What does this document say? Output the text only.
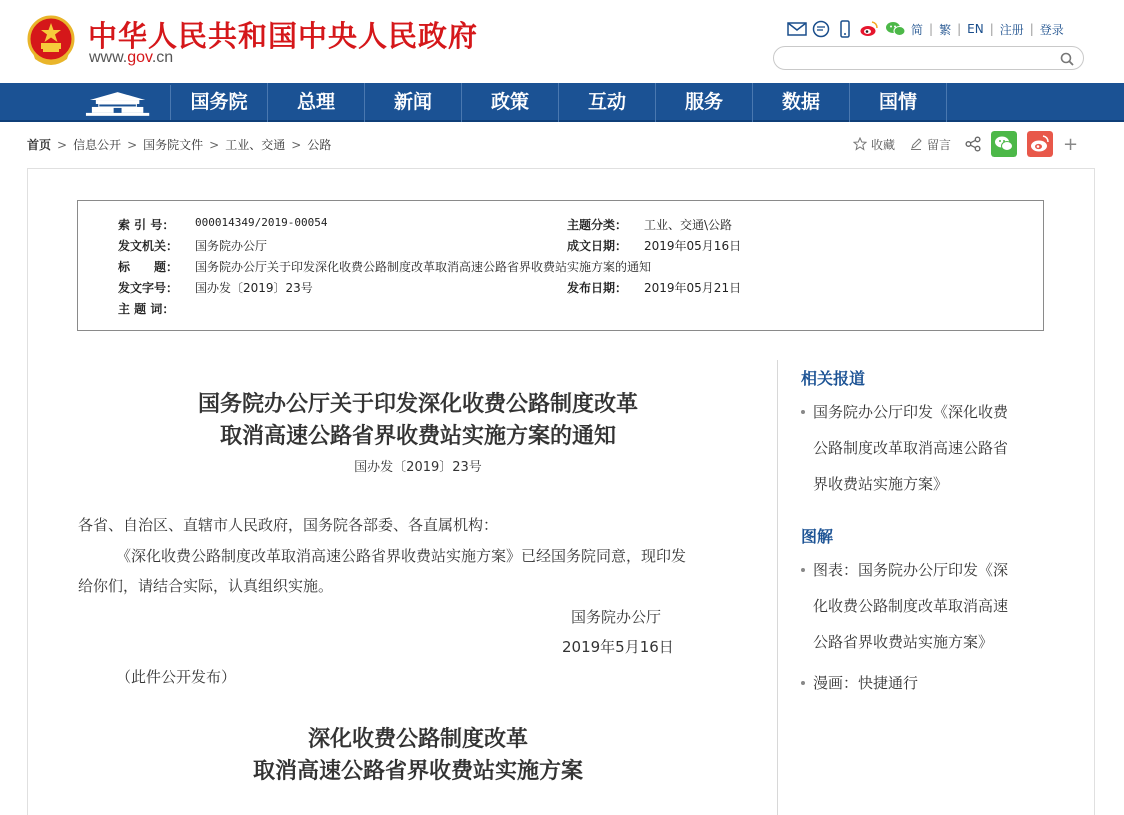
中华人民共和国中央人民政府
www.gov.cn
简 | 繁 | EN | 注册 | 登录
国务院	总理	新闻	政策	互动	服务	数据	国情
首页 > 信息公开 > 国务院文件 > 工业、交通 > 公路	收藏	留言	+
索 引 号：	000014349/2019-00054	主题分类：	工业、交通\公路
发文机关：	国务院办公厅	成文日期：	2019年05月16日
标　　题：	国务院办公厅关于印发深化收费公路制度改革取消高速公路省界收费站实施方案的通知
发文字号：	国办发〔2019〕23号	发布日期：	2019年05月21日
主 题 词：
国务院办公厅关于印发深化收费公路制度改革
取消高速公路省界收费站实施方案的通知
国办发〔2019〕23号
各省、自治区、直辖市人民政府，国务院各部委、各直属机构：
《深化收费公路制度改革取消高速公路省界收费站实施方案》已经国务院同意，现印发
给你们，请结合实际，认真组织实施。
国务院办公厅
2019年5月16日
（此件公开发布）
深化收费公路制度改革
取消高速公路省界收费站实施方案
相关报道
国务院办公厅印发《深化收费
公路制度改革取消高速公路省
界收费站实施方案》
图解
图表：国务院办公厅印发《深
化收费公路制度改革取消高速
公路省界收费站实施方案》
漫画：快捷通行
